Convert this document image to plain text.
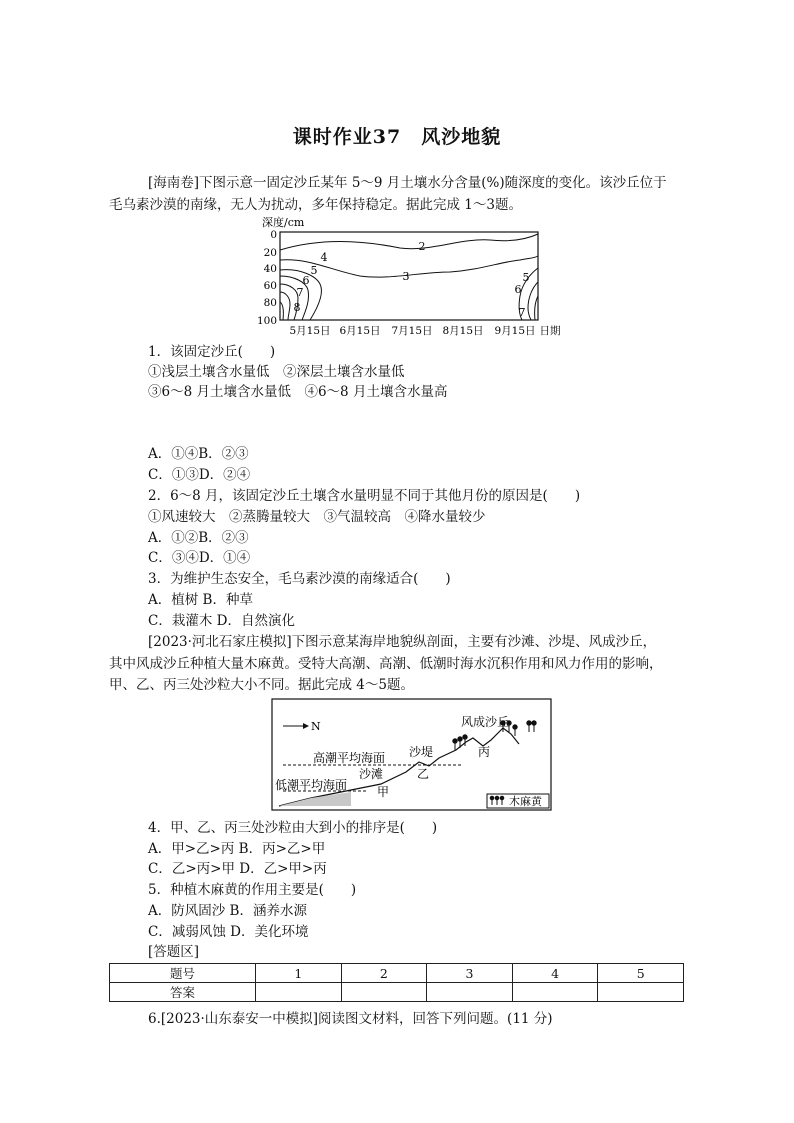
课时作业37　风沙地貌
[海南卷]下图示意一固定沙丘某年 5～9 月土壤水分含量(%)随深度的变化。该沙丘位于
毛乌素沙漠的南缘，无人为扰动，多年保持稳定。据此完成 1～3题。
深度/cm
0
20
40
60
80
100
2
3
4
5
6
7
8
5
6
7
5月15日 6月15日 7月15日 8月15日 9月15日 日期
1．该固定沙丘(　　)
①浅层土壤含水量低　②深层土壤含水量低
③6～8 月土壤含水量低　④6～8 月土壤含水量高
A．①④B．②③
C．①③D．②④
2．6～8 月，该固定沙丘土壤含水量明显不同于其他月份的原因是(　　)
①风速较大　②蒸腾量较大　③气温较高　④降水量较少
A．①②B．②③
C．③④D．①④
3．为维护生态安全，毛乌素沙漠的南缘适合(　　)
A．植树 B．种草
C．栽灌木 D．自然演化
[2023·河北石家庄模拟]下图示意某海岸地貌纵剖面，主要有沙滩、沙堤、风成沙丘，
其中风成沙丘种植大量木麻黄。受特大高潮、高潮、低潮时海水沉积作用和风力作用的影响，
甲、乙、丙三处沙粒大小不同。据此完成 4～5题。
N	风成沙丘
高潮平均海面
低潮平均海面
沙堤
沙滩
甲
乙
丙
木麻黄
4．甲、乙、丙三处沙粒由大到小的排序是(　　)
A．甲>乙>丙 B．丙>乙>甲
C．乙>丙>甲 D．乙>甲>丙
5．种植木麻黄的作用主要是(　　)
A．防风固沙 B．涵养水源
C．减弱风蚀 D．美化环境
[答题区]
题号	1	2	3	4	5
答案					
6.[2023·山东泰安一中模拟]阅读图文材料，回答下列问题。(11 分)
